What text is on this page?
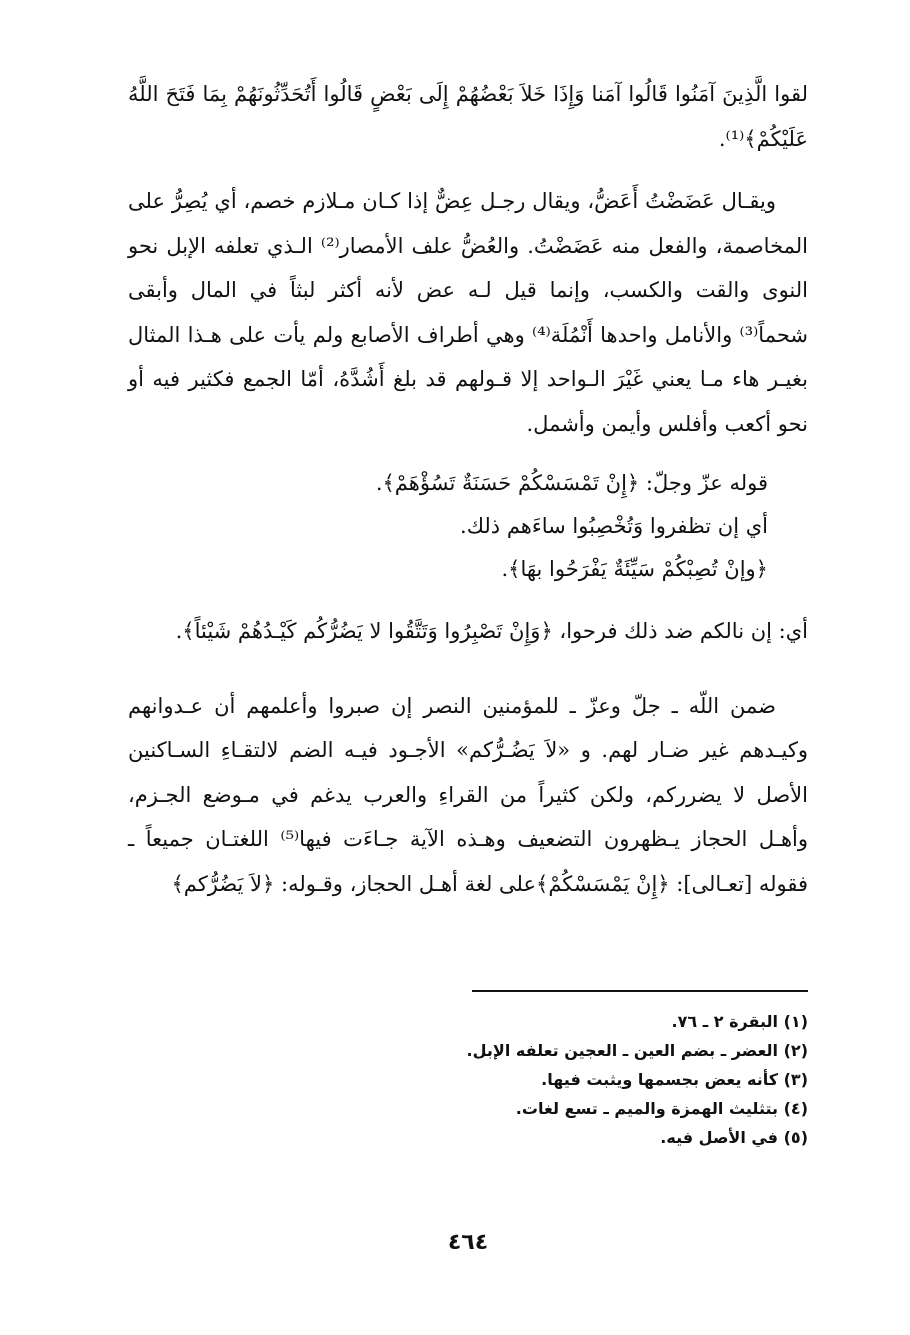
لقوا الَّذِينَ آمَنُوا قَالُوا آمَنا وَإِذَا خَلاَ بَعْضُهُمْ إِلَى بَعْضٍ قَالُوا أَتُحَدِّثُونَهُمْ بِمَا فَتَحَ اللَّهُ عَلَيْكُمْ﴾⁽¹⁾.

ويقـال عَضَضْتُ أَعَضُّ، ويقال رجـل عِضٌّ إذا كـان مـلازم خصم، أي يُصِرُّ على المخاصمة، والفعل منه عَضَضْتُ. والعُضُّ علف الأمصار⁽²⁾ الـذي تعلفه الإبل نحو النوى والقت والكسب، وإنما قيل لـه عض لأنه أكثر لبثاً في المال وأبقى شحماً⁽³⁾ والأنامل واحدها أَنْمُلَة⁽⁴⁾ وهي أطراف الأصابع ولم يأت على هـذا المثال بغيـر هاء مـا يعني غَيْرَ الـواحد إلا قـولهم قد بلغ أَشُدَّهُ، أمّا الجمع فكثير فيه أو نحو أكعب وأفلس وأيمن وأشمل.

قوله عزّ وجلّ: ﴿إِنْ تَمْسَسْكُمْ حَسَنَةٌ تَسُؤْهَمْ﴾.

أي إن تظفروا وَتُخْصِبُوا ساءَهم ذلك.

﴿وإنْ تُصِبْكُمْ سَيِّئَةٌ يَفْرَحُوا بهَا﴾.

أي: إن نالكم ضد ذلك فرحوا، ﴿وَإِنْ تَصْبِرُوا وَتَتَّقُوا لا يَضُرُّكُم كَيْـدُهُمْ شَيْئاً﴾.

ضمن اللّه ـ جلّ وعزّ ـ للمؤمنين النصر إن صبروا وأعلمهم أن عـدوانهم وكيـدهم غير ضـار لهم. و «لاَ يَضُـرُّكم» الأجـود فيـه الضم لالتقـاءِ السـاكنين الأصل لا يضرركم، ولكن كثيراً من القراءِ والعرب يدغم في مـوضع الجـزم، وأهـل الحجاز يـظهرون التضعيف وهـذه الآية جـاءَت فيها⁽⁵⁾ اللغتـان جميعاً ـ فقوله [تعـالى]: ﴿إِنْ يَمْسَسْكُمْ﴾على لغة أهـل الحجاز، وقـوله: ﴿لاَ يَضُرُّكم﴾

(١) البقرة ٢ ـ ٧٦.

(٢) العضر ـ بضم العين ـ العجين تعلفه الإبل.

(٣) كأنه يعض بجسمها ويثبت فيها.

(٤) بتثليث الهمزة والميم ـ تسع لغات.

(٥) في الأصل فيه.

٤٦٤
